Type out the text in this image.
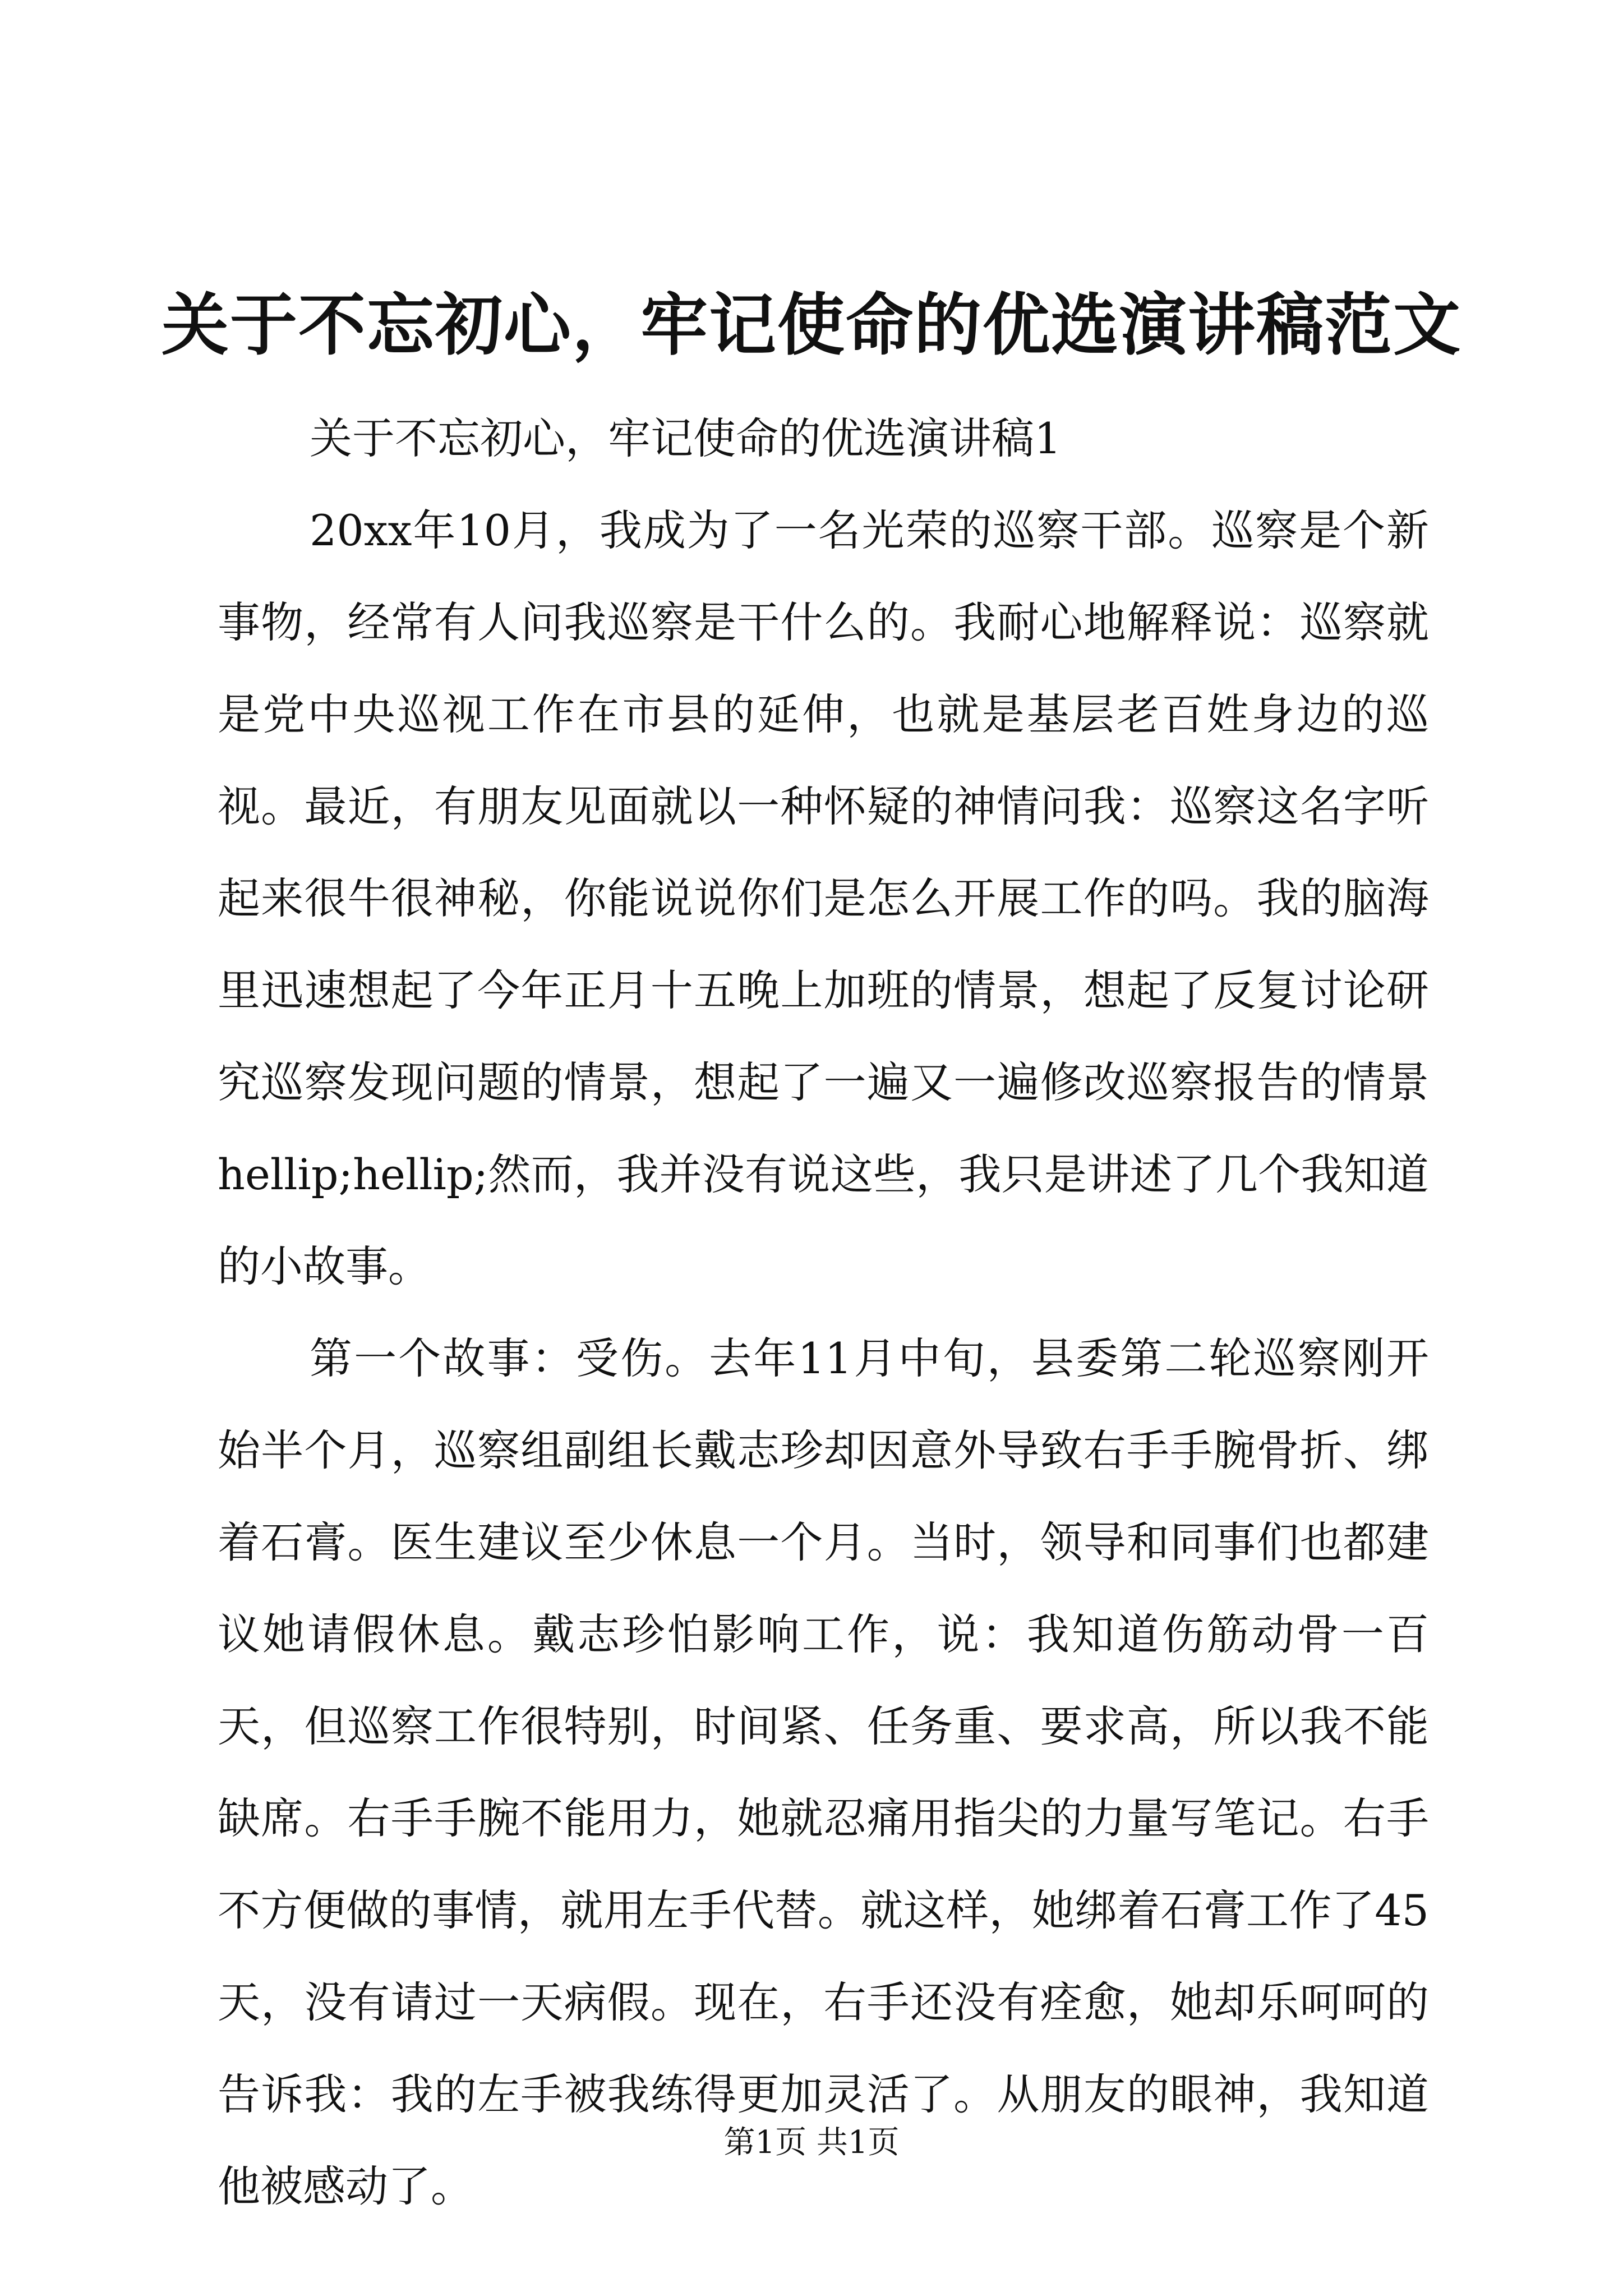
关于不忘初心，牢记使命的优选演讲稿范文

关于不忘初心，牢记使命的优选演讲稿1

20xx年10月，我成为了一名光荣的巡察干部。巡察是个新事物，经常有人问我巡察是干什么的。我耐心地解释说：巡察就是党中央巡视工作在市县的延伸，也就是基层老百姓身边的巡视。最近，有朋友见面就以一种怀疑的神情问我：巡察这名字听起来很牛很神秘，你能说说你们是怎么开展工作的吗。我的脑海里迅速想起了今年正月十五晚上加班的情景，想起了反复讨论研究巡察发现问题的情景，想起了一遍又一遍修改巡察报告的情景hellip;hellip;然而，我并没有说这些，我只是讲述了几个我知道的小故事。

第一个故事：受伤。去年11月中旬，县委第二轮巡察刚开始半个月，巡察组副组长戴志珍却因意外导致右手手腕骨折、绑着石膏。医生建议至少休息一个月。当时，领导和同事们也都建议她请假休息。戴志珍怕影响工作，说：我知道伤筋动骨一百天，但巡察工作很特别，时间紧、任务重、要求高，所以我不能缺席。右手手腕不能用力，她就忍痛用指尖的力量写笔记。右手不方便做的事情，就用左手代替。就这样，她绑着石膏工作了45天，没有请过一天病假。现在，右手还没有痊愈，她却乐呵呵的告诉我：我的左手被我练得更加灵活了。从朋友的眼神，我知道他被感动了。

第1页 共1页
